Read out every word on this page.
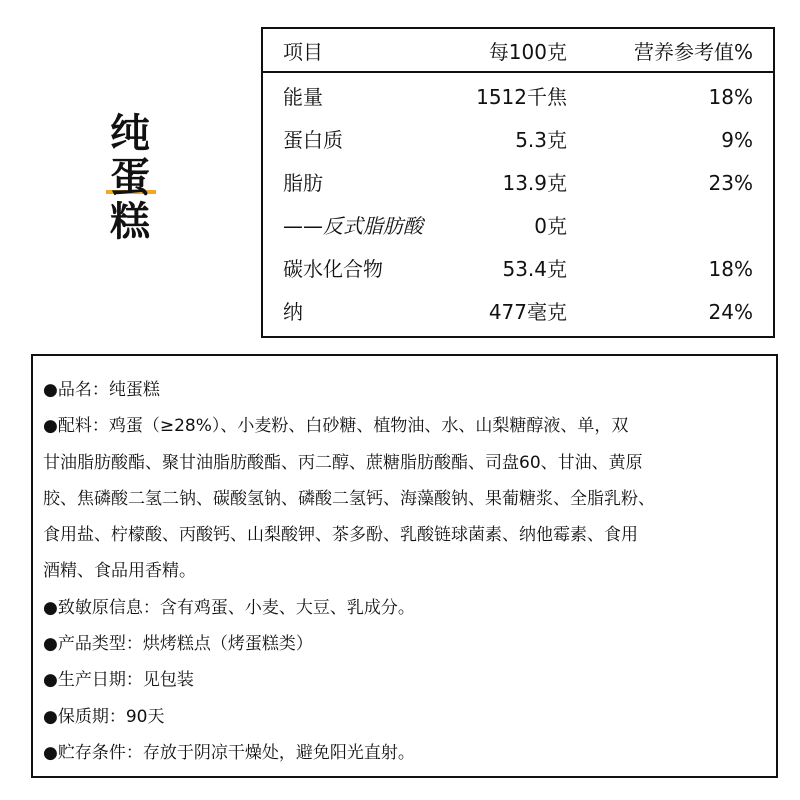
纯
蛋
糕
项目	每100克	营养参考值%
能量	1512千焦	18%
蛋白质	5.3克	9%
脂肪	13.9克	23%
——反式脂肪酸	0克
碳水化合物	53.4克	18%
纳	477毫克	24%
●品名：纯蛋糕
●配料：鸡蛋（≥28%）、小麦粉、白砂糖、植物油、水、山梨糖醇液、单，双
甘油脂肪酸酯、聚甘油脂肪酸酯、丙二醇、蔗糖脂肪酸酯、司盘60、甘油、黄原
胶、焦磷酸二氢二钠、碳酸氢钠、磷酸二氢钙、海藻酸钠、果葡糖浆、全脂乳粉、
食用盐、柠檬酸、丙酸钙、山梨酸钾、茶多酚、乳酸链球菌素、纳他霉素、食用
酒精、食品用香精。
●致敏原信息：含有鸡蛋、小麦、大豆、乳成分。
●产品类型：烘烤糕点（烤蛋糕类）
●生产日期：见包装
●保质期：90天
●贮存条件：存放于阴凉干燥处，避免阳光直射。
